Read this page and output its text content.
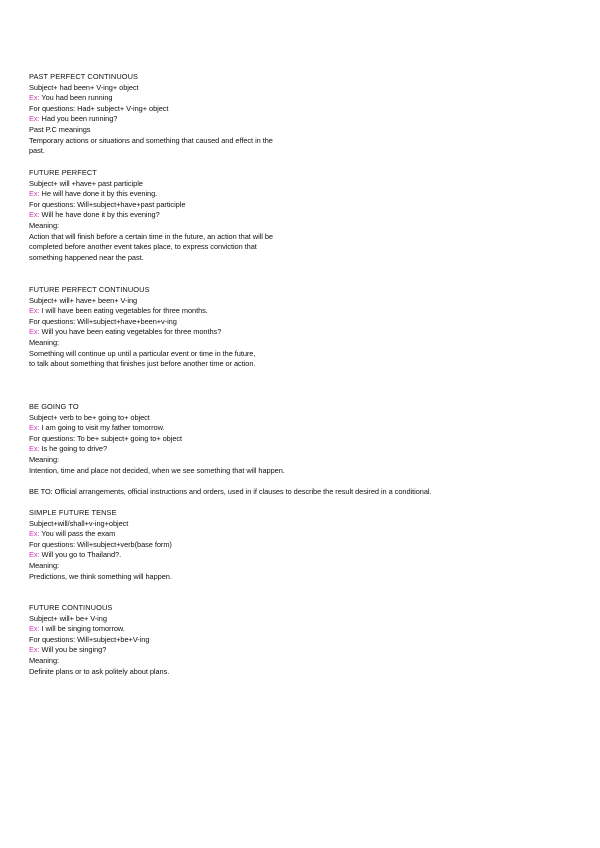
PAST PERFECT CONTINUOUS
Subject+ had been+ V-ing+ object
Ex: You had been running
For questions: Had+ subject+ V-ing+ object
Ex: Had you been running?
Past P.C meanings
Temporary actions or situations and something that caused and effect in the
past.
FUTURE PERFECT
Subject+ will +have+ past participle
Ex: He will have done it by this evening.
For questions: Will+subject+have+past participle
Ex: Will he have done it by this evening?
Meaning:
Action that will finish before a certain time in the future, an action that will be
completed before another event takes place, to express conviction that
something happened near the past.
FUTURE PERFECT CONTINUOUS
Subject+ will+ have+ been+ V-ing
Ex: I will have been eating vegetables for three months.
For questions: Will+subject+have+been+v-ing
Ex: Will you have been eating vegetables for three months?
Meaning:
Something will continue up until a particular event or time in the future,
to talk about something that finishes just before another time or action.
BE GOING TO
Subject+ verb to be+ going to+ object
Ex: I am going to visit my father tomorrow.
For questions: To be+ subject+ going to+ object
Ex: Is he going to drive?
Meaning:
Intention, time and place not decided, when we see something that will happen.
BE TO: Official arrangements, official instructions and orders, used in if clauses to describe the result desired in a conditional.
SIMPLE FUTURE TENSE
Subject+will/shall+v-ing+object
Ex: You will pass the exam
For questions: Will+subject+verb(base form)
Ex: Will you go to Thailand?.
Meaning:
Predictions, we think something will happen.
FUTURE CONTINUOUS
Subject+ will+ be+ V-ing
Ex: I will be singing tomorrow.
For questions: Will+subject+be+V-ing
Ex: Will you be singing?
Meaning:
Definite plans or to ask politely about plans.
